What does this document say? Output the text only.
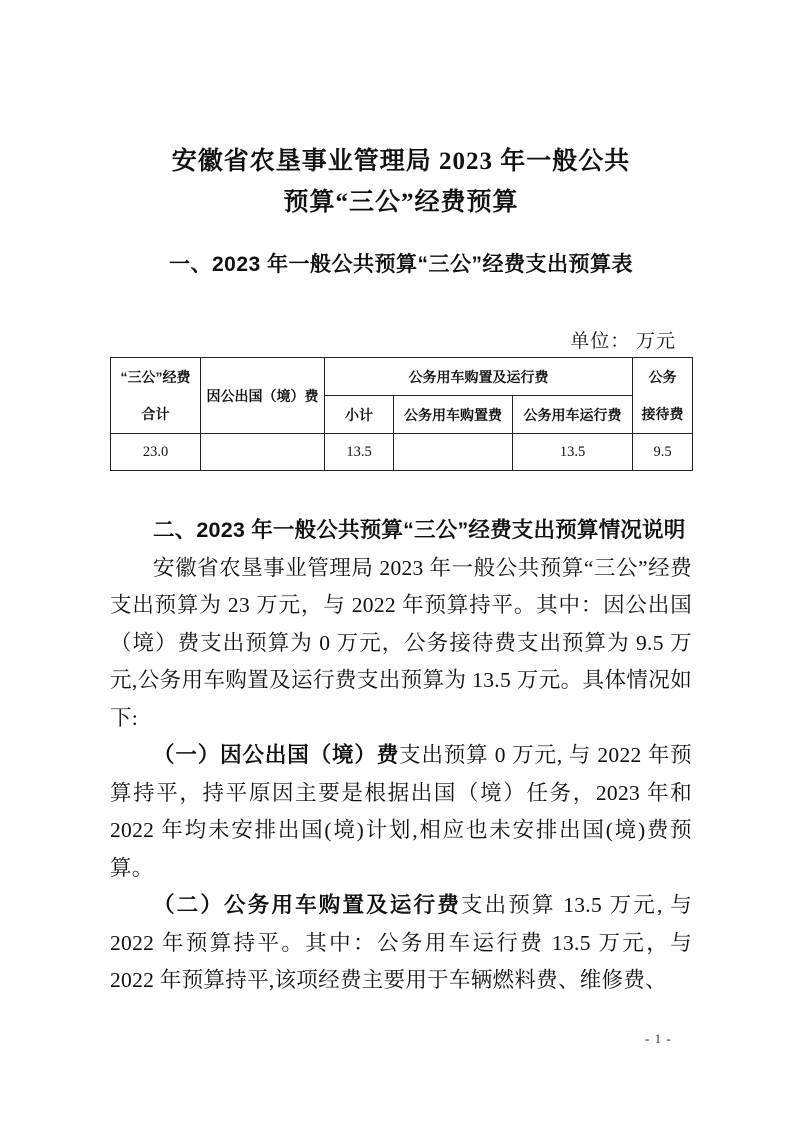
安徽省农垦事业管理局 2023 年一般公共
预算“三公”经费预算
一、2023 年一般公共预算“三公”经费支出预算表
单位： 万元
“三公”经费
合计	因公出国（境）费	公务用车购置及运行费			公务
接待费

		小计	公务用车购置费	公务用车运行费	
23.0		13.5		13.5	9.5
二、2023 年一般公共预算“三公”经费支出预算情况说明

安徽省农垦事业管理局 2023 年一般公共预算“三公”经费支出预算为 23 万元，与 2022 年预算持平。其中：因公出国（境）费支出预算为 0 万元，公务接待费支出预算为 9.5 万元,公务用车购置及运行费支出预算为 13.5 万元。具体情况如下:

（一）因公出国（境）费支出预算 0 万元, 与 2022 年预算持平，持平原因主要是根据出国（境）任务，2023 年和 2022 年均未安排出国(境)计划,相应也未安排出国(境)费预算。

（二）公务用车购置及运行费支出预算 13.5 万元, 与 2022 年预算持平。其中：公务用车运行费 13.5 万元，与 2022 年预算持平,该项经费主要用于车辆燃料费、维修费、

- 1 -
